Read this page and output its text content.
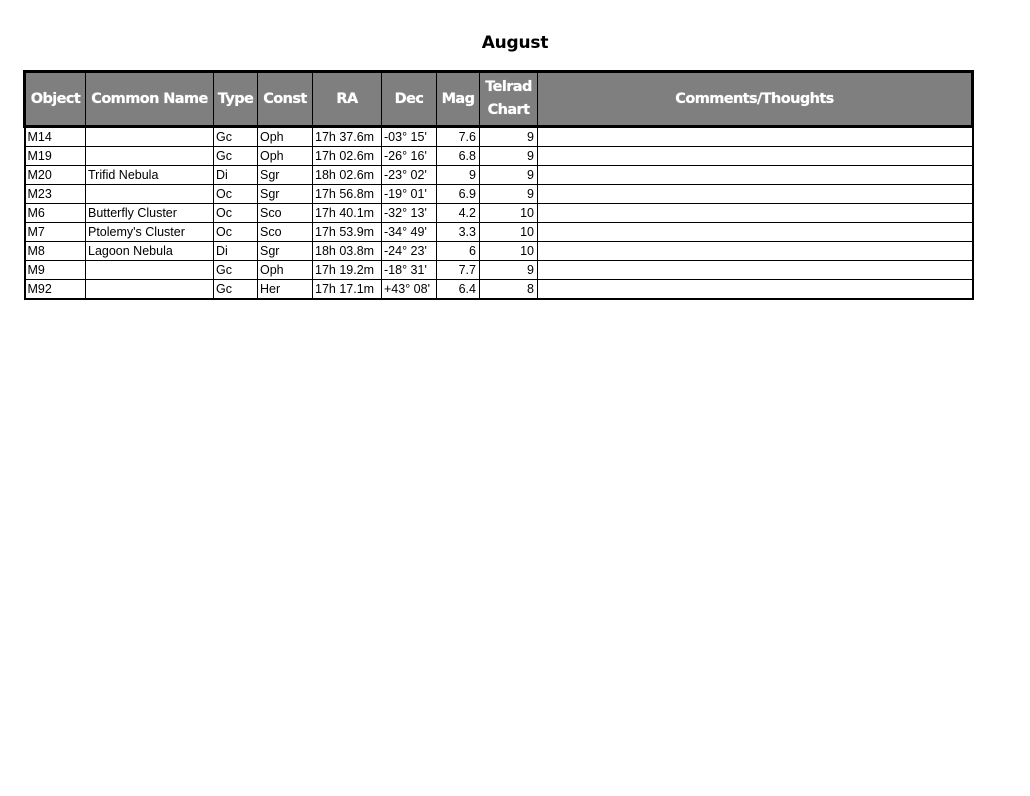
August
Object	Common Name	Type	Const	RA	Dec	Mag	Telrad Chart	Comments/Thoughts
M14		Gc	Oph	17h 37.6m	-03° 15'	7.6	9	
M19		Gc	Oph	17h 02.6m	-26° 16'	6.8	9	
M20	Trifid Nebula	Di	Sgr	18h 02.6m	-23° 02'	9	9	
M23		Oc	Sgr	17h 56.8m	-19° 01'	6.9	9	
M6	Butterfly Cluster	Oc	Sco	17h 40.1m	-32° 13'	4.2	10	
M7	Ptolemy's Cluster	Oc	Sco	17h 53.9m	-34° 49'	3.3	10	
M8	Lagoon Nebula	Di	Sgr	18h 03.8m	-24° 23'	6	10	
M9		Gc	Oph	17h 19.2m	-18° 31'	7.7	9	
M92		Gc	Her	17h 17.1m	+43° 08'	6.4	8	
